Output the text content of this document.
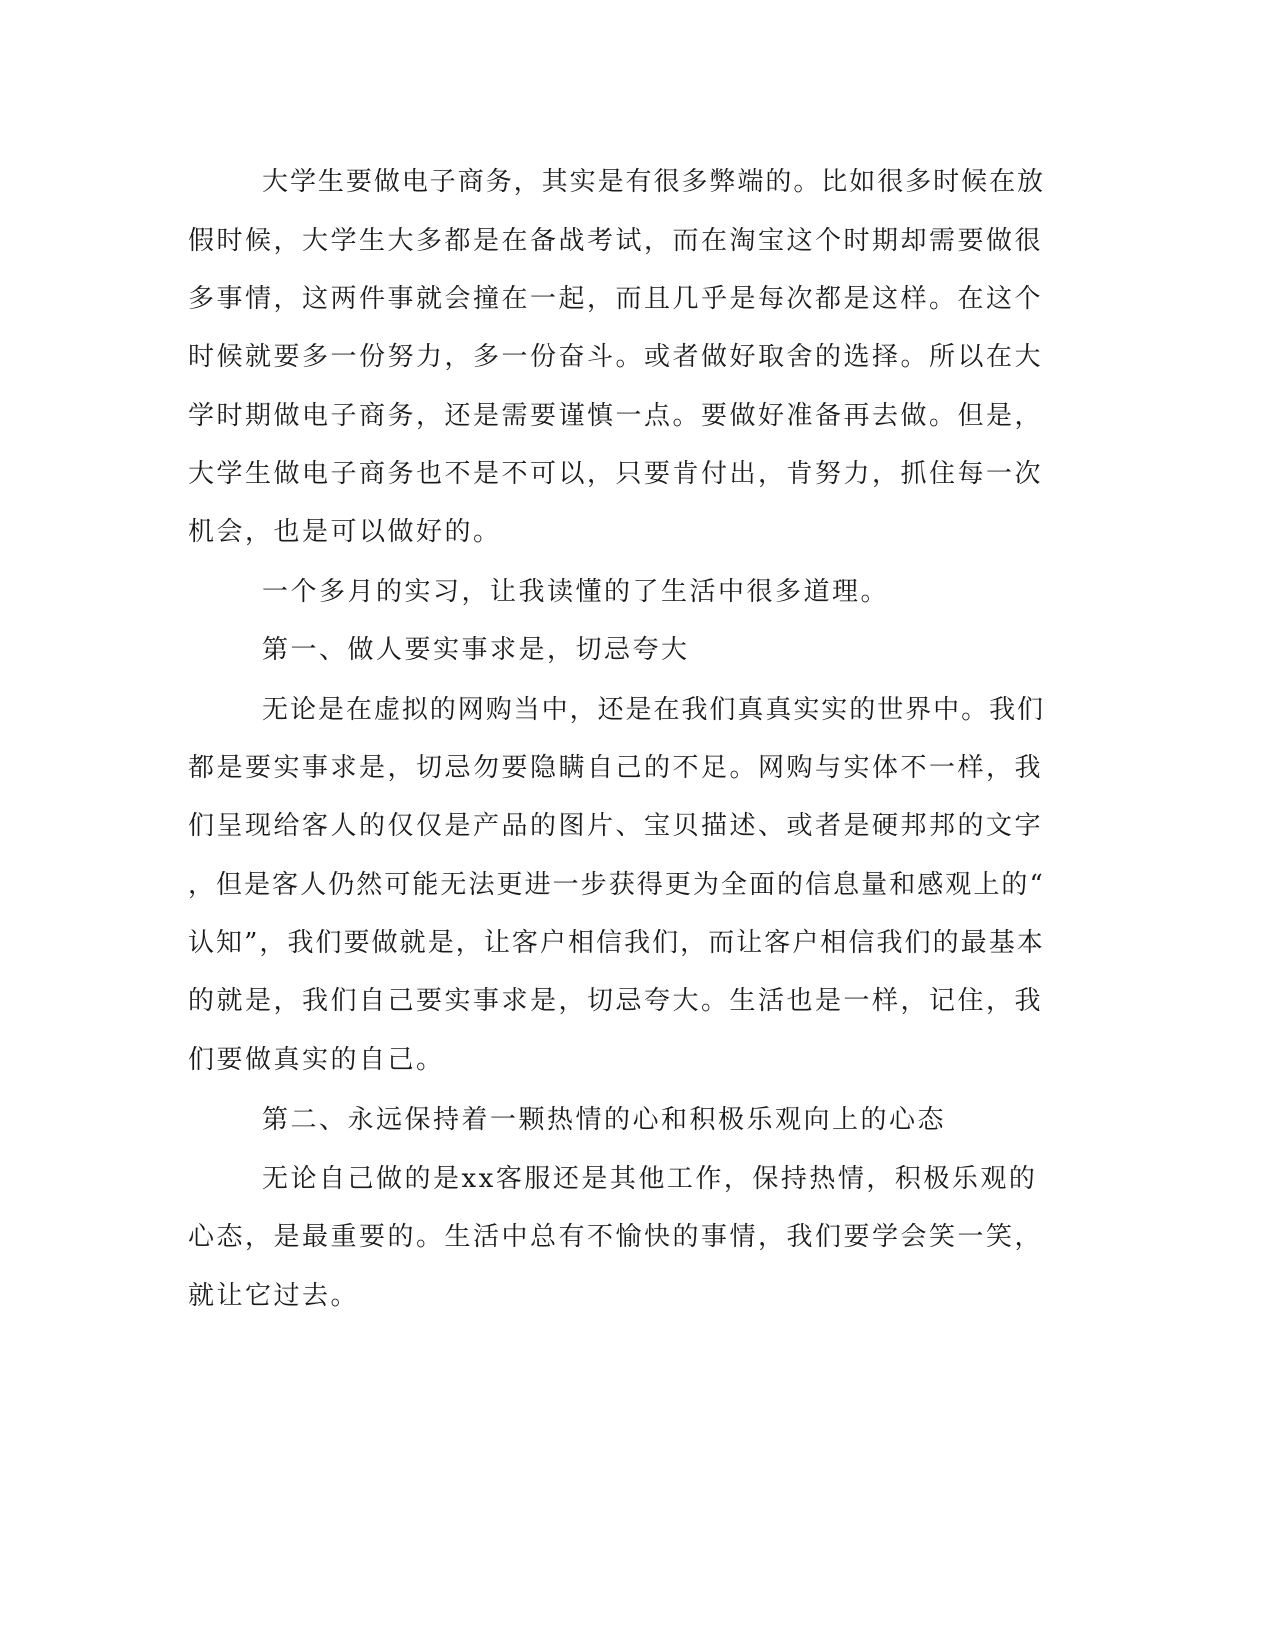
大学生要做电子商务，其实是有很多弊端的。比如很多时候在放
假时候，大学生大多都是在备战考试，而在淘宝这个时期却需要做很
多事情，这两件事就会撞在一起，而且几乎是每次都是这样。在这个
时候就要多一份努力，多一份奋斗。或者做好取舍的选择。所以在大
学时期做电子商务，还是需要谨慎一点。要做好准备再去做。但是，
大学生做电子商务也不是不可以，只要肯付出，肯努力，抓住每一次
机会，也是可以做好的。
一个多月的实习，让我读懂的了生活中很多道理。
第一、做人要实事求是，切忌夸大
无论是在虚拟的网购当中，还是在我们真真实实的世界中。我们
都是要实事求是，切忌勿要隐瞒自己的不足。网购与实体不一样，我
们呈现给客人的仅仅是产品的图片、宝贝描述、或者是硬邦邦的文字
，但是客人仍然可能无法更进一步获得更为全面的信息量和感观上的“
认知”，我们要做就是，让客户相信我们，而让客户相信我们的最基本
的就是，我们自己要实事求是，切忌夸大。生活也是一样，记住，我
们要做真实的自己。
第二、永远保持着一颗热情的心和积极乐观向上的心态
无论自己做的是xx客服还是其他工作，保持热情，积极乐观的
心态，是最重要的。生活中总有不愉快的事情，我们要学会笑一笑，
就让它过去。
